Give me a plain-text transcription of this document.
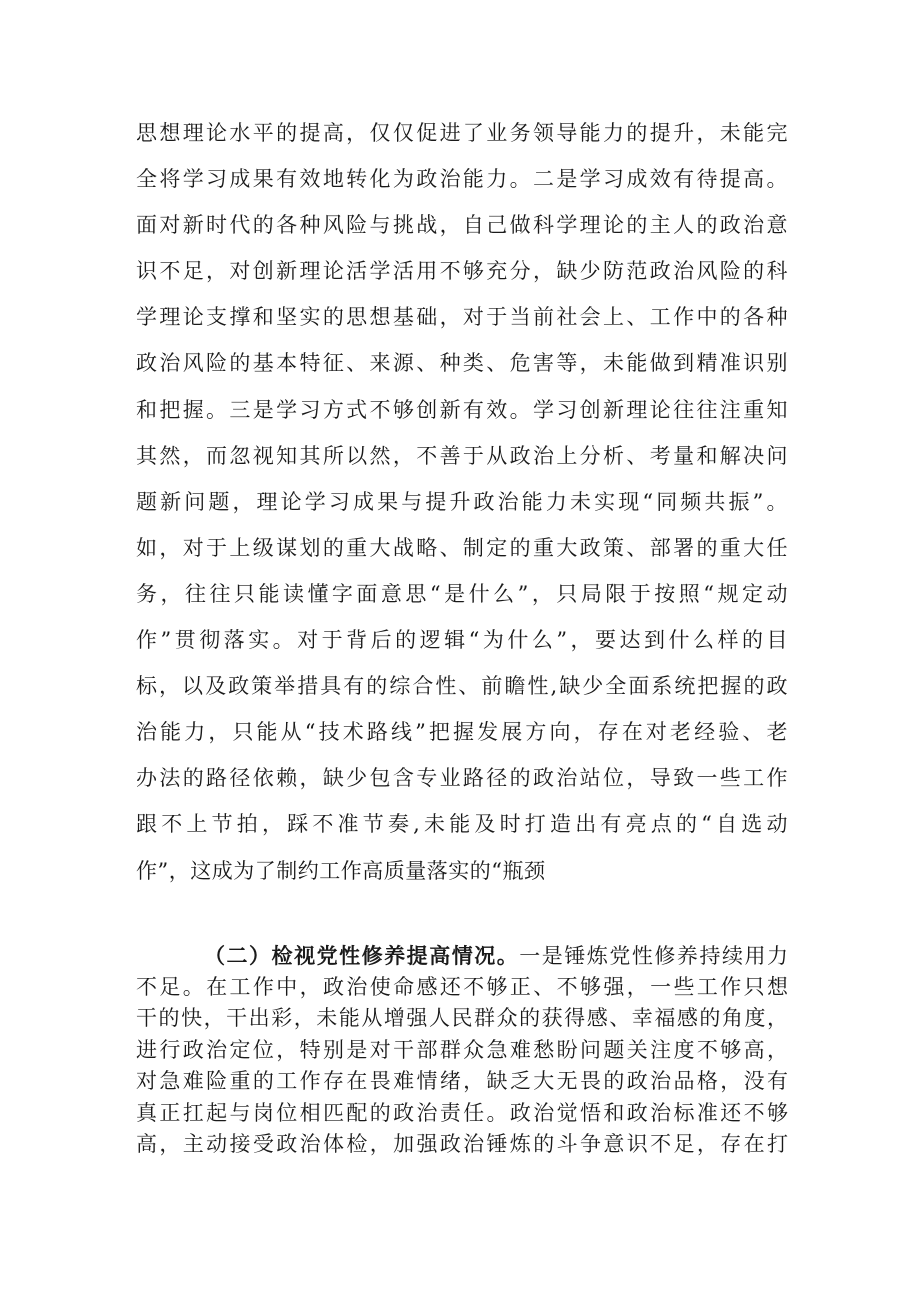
思想理论水平的提高，仅仅促进了业务领导能力的提升，未能完
全将学习成果有效地转化为政治能力。二是学习成效有待提高。
面对新时代的各种风险与挑战，自己做科学理论的主人的政治意
识不足，对创新理论活学活用不够充分，缺少防范政治风险的科
学理论支撑和坚实的思想基础，对于当前社会上、工作中的各种
政治风险的基本特征、来源、种类、危害等，未能做到精准识别
和把握。三是学习方式不够创新有效。学习创新理论往往注重知
其然，而忽视知其所以然，不善于从政治上分析、考量和解决问
题新问题，理论学习成果与提升政治能力未实现“同频共振”。
如，对于上级谋划的重大战略、制定的重大政策、部署的重大任
务，往往只能读懂字面意思“是什么”，只局限于按照“规定动
作”贯彻落实。对于背后的逻辑“为什么”，要达到什么样的目
标，以及政策举措具有的综合性、前瞻性,缺少全面系统把握的政
治能力，只能从“技术路线”把握发展方向，存在对老经验、老
办法的路径依赖，缺少包含专业路径的政治站位，导致一些工作
跟不上节拍，踩不准节奏,未能及时打造出有亮点的“自选动
作”，这成为了制约工作高质量落实的“瓶颈
（二）检视党性修养提高情况。一是锤炼党性修养持续用力
不足。在工作中，政治使命感还不够正、不够强，一些工作只想
干的快，干出彩，未能从增强人民群众的获得感、幸福感的角度，
进行政治定位，特别是对干部群众急难愁盼问题关注度不够高，
对急难险重的工作存在畏难情绪，缺乏大无畏的政治品格，没有
真正扛起与岗位相匹配的政治责任。政治觉悟和政治标准还不够
高，主动接受政治体检，加强政治锤炼的斗争意识不足，存在打
